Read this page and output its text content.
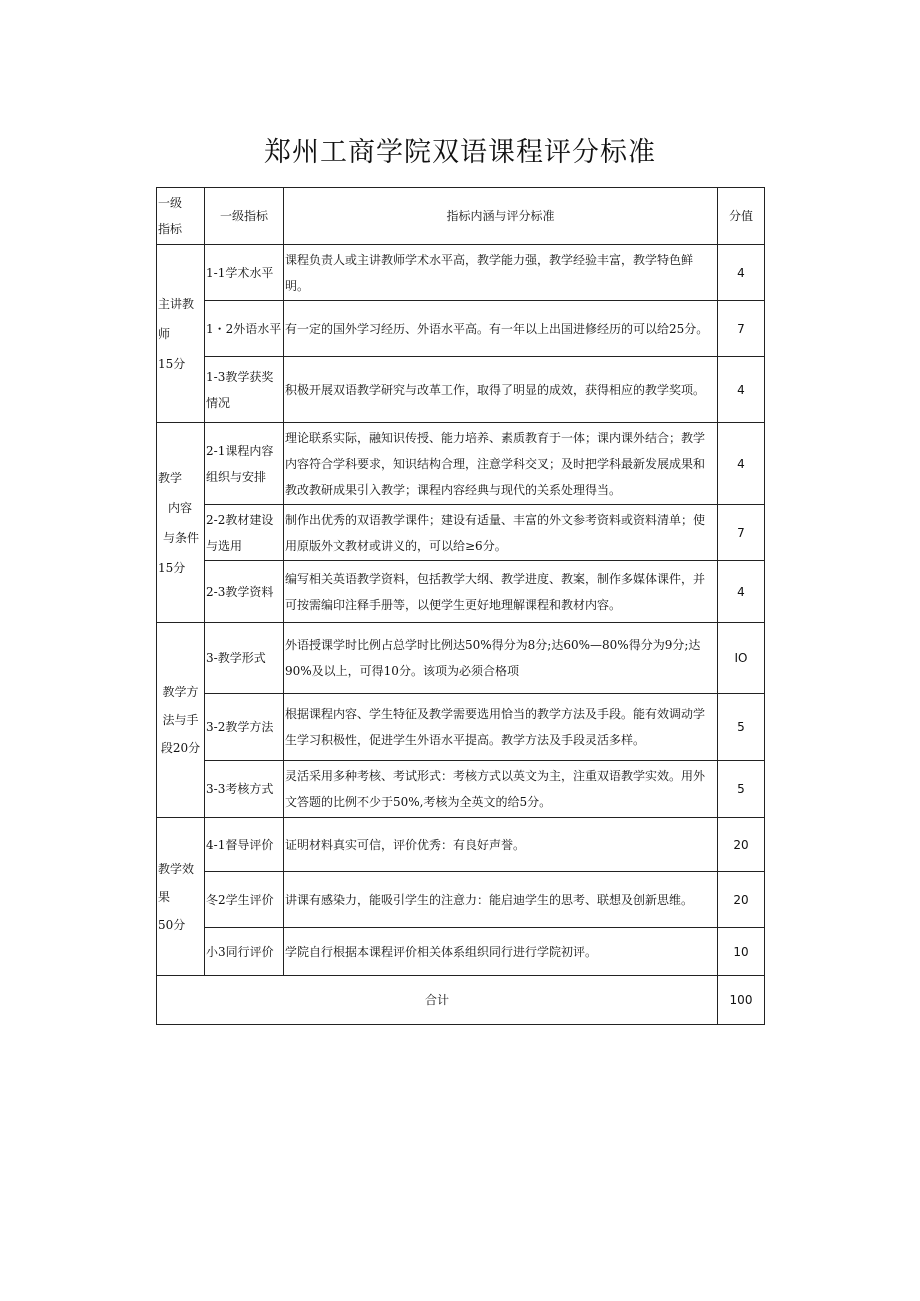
郑州工商学院双语课程评分标准
一级
指标	一级指标	指标内涵与评分标准	分值

主讲教
师
15分	1-1学术水平	课程负责人或主讲教师学术水平高，教学能力强，教学经验丰富，教学特色鲜明。	4
	1・2外语水平	有一定的国外学习经历、外语水平高。有一年以上出国进修经历的可以给25分。	7
	1-3教学获奖情况	积极开展双语教学研究与改革工作，取得了明显的成效，获得相应的教学奖项。	4

教学
内容
与条件
15分	2-1课程内容组织与安排	理论联系实际，融知识传授、能力培养、素质教育于一体；课内课外结合；教学内容符合学科要求，知识结构合理，注意学科交叉；及时把学科最新发展成果和教改教研成果引入教学；课程内容经典与现代的关系处理得当。	4
	2-2教材建设与选用	制作出优秀的双语教学课件；建设有适量、丰富的外文参考资料或资料清单；使用原版外文教材或讲义的，可以给≥6分。	7
	2-3教学资料	编写相关英语教学资料，包括教学大纲、教学进度、教案，制作多媒体课件，并可按需编印注释手册等，以便学生更好地理解课程和教材内容。	4

教学方
法与手
段20分	3-教学形式	外语授课学时比例占总学时比例达50%得分为8分;达60%—80%得分为9分;达90%及以上，可得10分。该项为必须合格项	IO
	3-2教学方法	根据课程内容、学生特征及教学需要选用恰当的教学方法及手段。能有效调动学生学习积极性，促进学生外语水平提高。教学方法及手段灵活多样。	5
	3-3考核方式	灵活采用多种考核、考试形式：考核方式以英文为主，注重双语教学实效。用外文答题的比例不少于50%,考核为全英文的给5分。	5

教学效
果
50分	4-1督导评价	证明材料真实可信，评价优秀：有良好声誉。	20
	冬2学生评价	讲课有感染力，能吸引学生的注意力：能启迪学生的思考、联想及创新思维。	20
	小3同行评价	学院自行根据本课程评价相关体系组织同行进行学院初评。	10
合计			100
